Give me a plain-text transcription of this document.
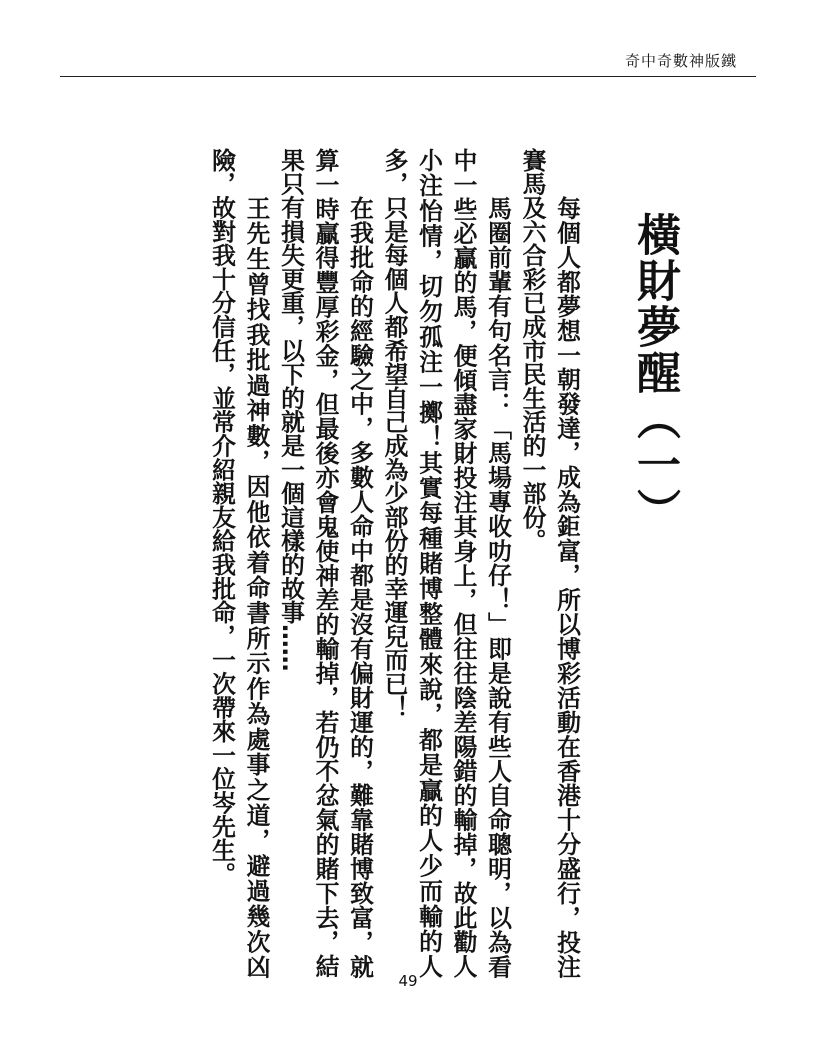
奇中奇數神版鐵
橫財夢醒（一）

每個人都夢想一朝發達，成為鉅富，所以博彩活動在香港十分盛行，投注賽馬及六合彩已成市民生活的一部份。

馬圈前輩有句名言：「馬場專收叻仔！」即是說有些人自命聰明，以為看中一些必贏的馬，便傾盡家財投注其身上，但往往陰差陽錯的輸掉，故此勸人小注怡情，切勿孤注一擲！其實每種賭博整體來說，都是贏的人少而輸的人多，只是每個人都希望自己成為少部份的幸運兒而已！

在我批命的經驗之中，多數人命中都是沒有偏財運的，難靠賭博致富，就算一時贏得豐厚彩金，但最後亦會鬼使神差的輸掉，若仍不忿氣的賭下去，結果只有損失更重，以下的就是一個這樣的故事……

王先生曾找我批過神數，因他依着命書所示作為處事之道，避過幾次凶險，故對我十分信任，並常介紹親友給我批命，一次帶來一位岑先生。

49
